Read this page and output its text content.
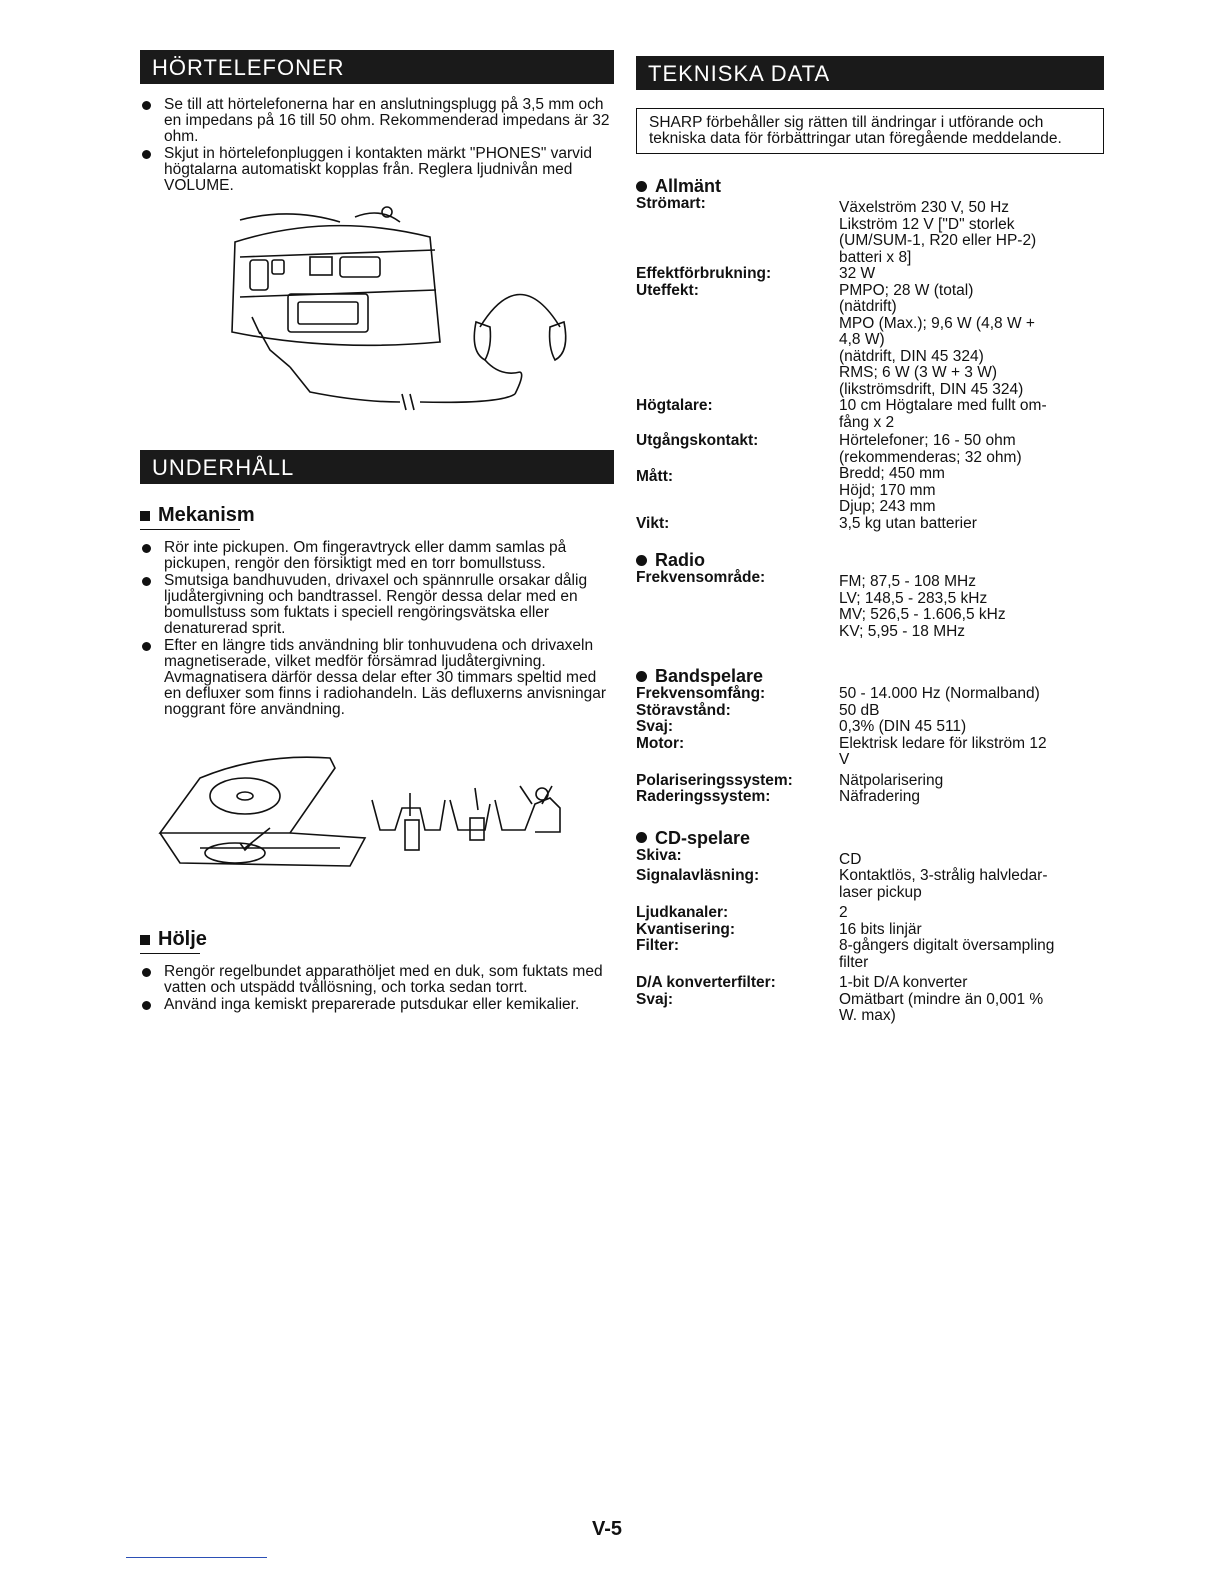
HÖRTELEFONER
Se till att hörtelefonerna har en anslutningsplugg på 3,5 mm och en impedans på 16 till 50 ohm. Rekommenderad impedans är 32 ohm.
Skjut in hörtelefonpluggen i kontakten märkt "PHONES" varvid högtalarna automatiskt kopplas från. Reglera ljudnivån med VOLUME.
UNDERHÅLL
Mekanism
Rör inte pickupen. Om fingeravtryck eller damm samlas på pickupen, rengör den försiktigt med en torr bomullstuss.
Smutsiga bandhuvuden, drivaxel och spännrulle orsakar dålig ljudåtergivning och bandtrassel. Rengör dessa delar med en bomullstuss som fuktats i speciell rengöringsvätska eller denaturerad sprit.
Efter en längre tids användning blir tonhuvudena och drivaxeln magnetiserade, vilket medför försämrad ljudåtergivning. Avmagnatisera därför dessa delar efter 30 timmars speltid med en defluxer som finns i radiohandeln. Läs defluxerns anvisningar noggrant före användning.
Hölje
Rengör regelbundet apparathöljet med en duk, som fuktats med vatten och utspädd tvållösning, och torka sedan torrt.
Använd inga kemiskt preparerade putsdukar eller kemikalier.
TEKNISKA DATA
SHARP förbehåller sig rätten till ändringar i utförande och tekniska data för förbättringar utan föregående meddelande.
Allmänt
Strömart:	Växelström 230 V, 50 Hz
Likström 12 V ["D" storlek
(UM/SUM-1, R20 eller HP-2)
batteri x 8]
Effektförbrukning:	32 W
Uteffekt:	PMPO; 28 W (total)
(nätdrift)
MPO (Max.); 9,6 W (4,8 W +
4,8 W)
(nätdrift, DIN 45 324)
RMS; 6 W (3 W + 3 W)
(likströmsdrift, DIN 45 324)
Högtalare:	10 cm Högtalare med fullt om-
fång x 2
Utgångskontakt:	Hörtelefoner; 16 - 50 ohm
(rekommenderas; 32 ohm)
Mått:	Bredd; 450 mm
Höjd; 170 mm
Djup; 243 mm
Vikt:	3,5 kg utan batterier
Radio
Frekvensområde:	FM; 87,5 - 108 MHz
LV; 148,5 - 283,5 kHz
MV; 526,5 - 1.606,5 kHz
KV; 5,95 - 18 MHz
Bandspelare
Frekvensomfång:	50 - 14.000 Hz (Normalband)
Störavstånd:	50 dB
Svaj:	0,3% (DIN 45 511)
Motor:	Elektrisk ledare för likström 12
V
Polariseringssystem:	Nätpolarisering
Raderingssystem:	Näfradering
CD-spelare
Skiva:	CD
Signalavläsning:	Kontaktlös, 3-strålig halvledar-
laser pickup
Ljudkanaler:	2
Kvantisering:	16 bits linjär
Filter:	8-gångers digitalt översampling
filter
D/A konverterfilter:	1-bit D/A konverter
Svaj:	Omätbart (mindre än 0,001 %
W. max)
V-5
